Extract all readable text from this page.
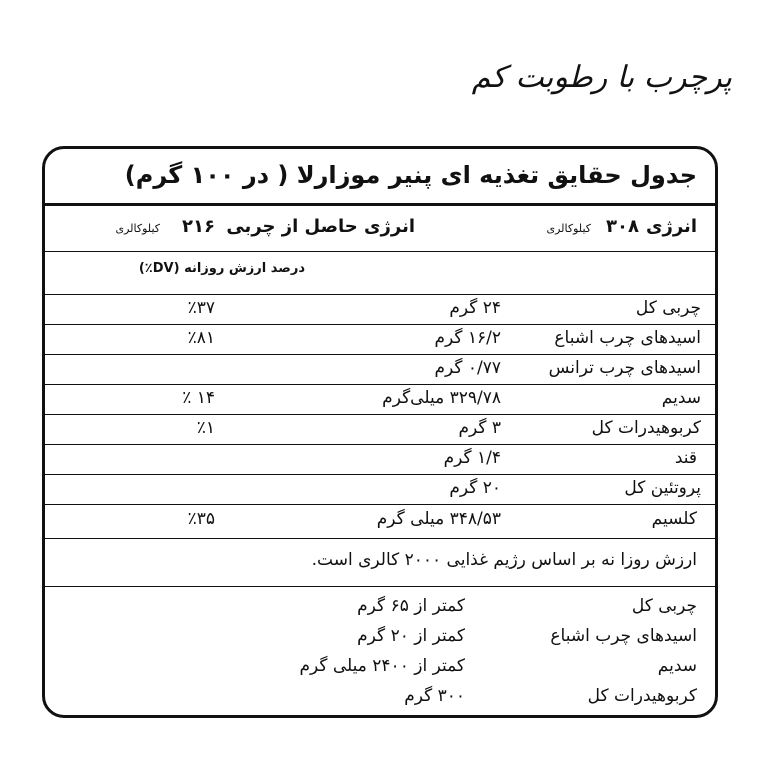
پرچرب با رطوبت کم
جدول حقایق تغذیه ای پنیر موزارلا ( در ۱۰۰ گرم)
انرژی
۳۰۸
کیلوکالری
انرژی حاصل از چربی
۲۱۶
کیلوکالری
درصد ارزش روزانه (DV٪)
چربی کل
۲۴ گرم
٪۳۷
اسیدهای چرب اشباع
۱۶/۲ گرم
٪۸۱
اسیدهای چرب ترانس
۰/۷۷ گرم
سدیم
۳۲۹/۷۸ میلی‌گرم
۱۴ ٪
کربوهیدرات کل
۳ گرم
٪۱
قند
۱/۴ گرم
پروتئین کل
۲۰ گرم
کلسیم
۳۴۸/۵۳ میلی گرم
٪۳۵
ارزش روزا نه بر اساس رژیم غذایی ۲۰۰۰ کالری است.
چربی کل
کمتر از ۶۵ گرم
اسیدهای چرب اشباع
کمتر از ۲۰ گرم
سدیم
کمتر از ۲۴۰۰ میلی گرم
کربوهیدرات کل
۳۰۰ گرم
